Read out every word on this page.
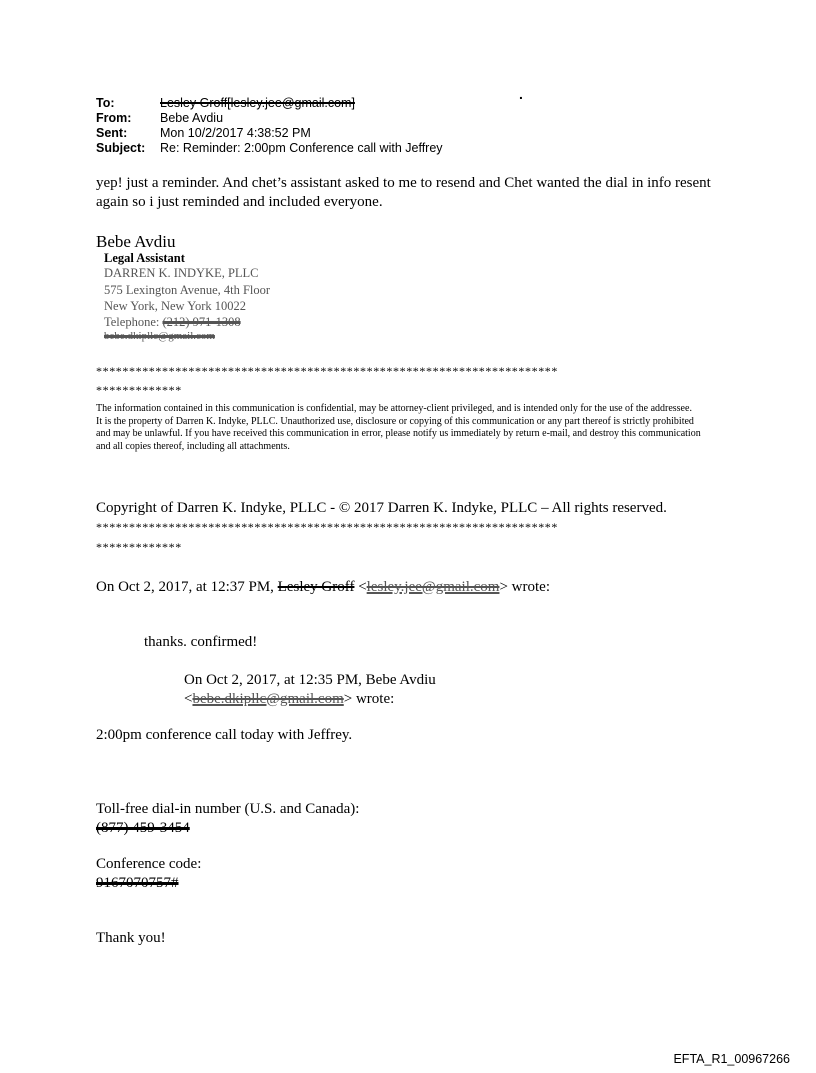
.
To:	Lesley Groff[lesley.jee@gmail.com]
From:	Bebe Avdiu
Sent:	Mon 10/2/2017 4:38:52 PM
Subject:	Re: Reminder: 2:00pm Conference call with Jeffrey
yep! just a reminder. And chet’s assistant asked to me to resend and Chet wanted the dial in info resent again so i just reminded and included everyone.
Bebe Avdiu
Legal Assistant
DARREN K. INDYKE, PLLC
575 Lexington Avenue, 4th Floor
New York, New York 10022
Telephone: (212) 971-1308
bebe.dkipllc@gmail.com
**********************************************************************
*************
The information contained in this communication is confidential, may be attorney-client privileged, and is intended only for the use of the addressee.
It is the property of Darren K. Indyke, PLLC. Unauthorized use, disclosure or copying of this communication or any part thereof is strictly prohibited
and may be unlawful. If you have received this communication in error, please notify us immediately by return e-mail, and destroy this communication
and all copies thereof, including all attachments.
Copyright of Darren K. Indyke, PLLC - © 2017 Darren K. Indyke, PLLC – All rights reserved.
**********************************************************************
*************
On Oct 2, 2017, at 12:37 PM, Lesley Groff <lesley.jee@gmail.com> wrote:
thanks. confirmed!
On Oct 2, 2017, at 12:35 PM, Bebe Avdiu
<bebe.dkipllc@gmail.com> wrote:
2:00pm conference call today with Jeffrey.
Toll-free dial-in number (U.S. and Canada):
(877) 459-3454
Conference code:
9167070757#
Thank you!
EFTA_R1_00967266
